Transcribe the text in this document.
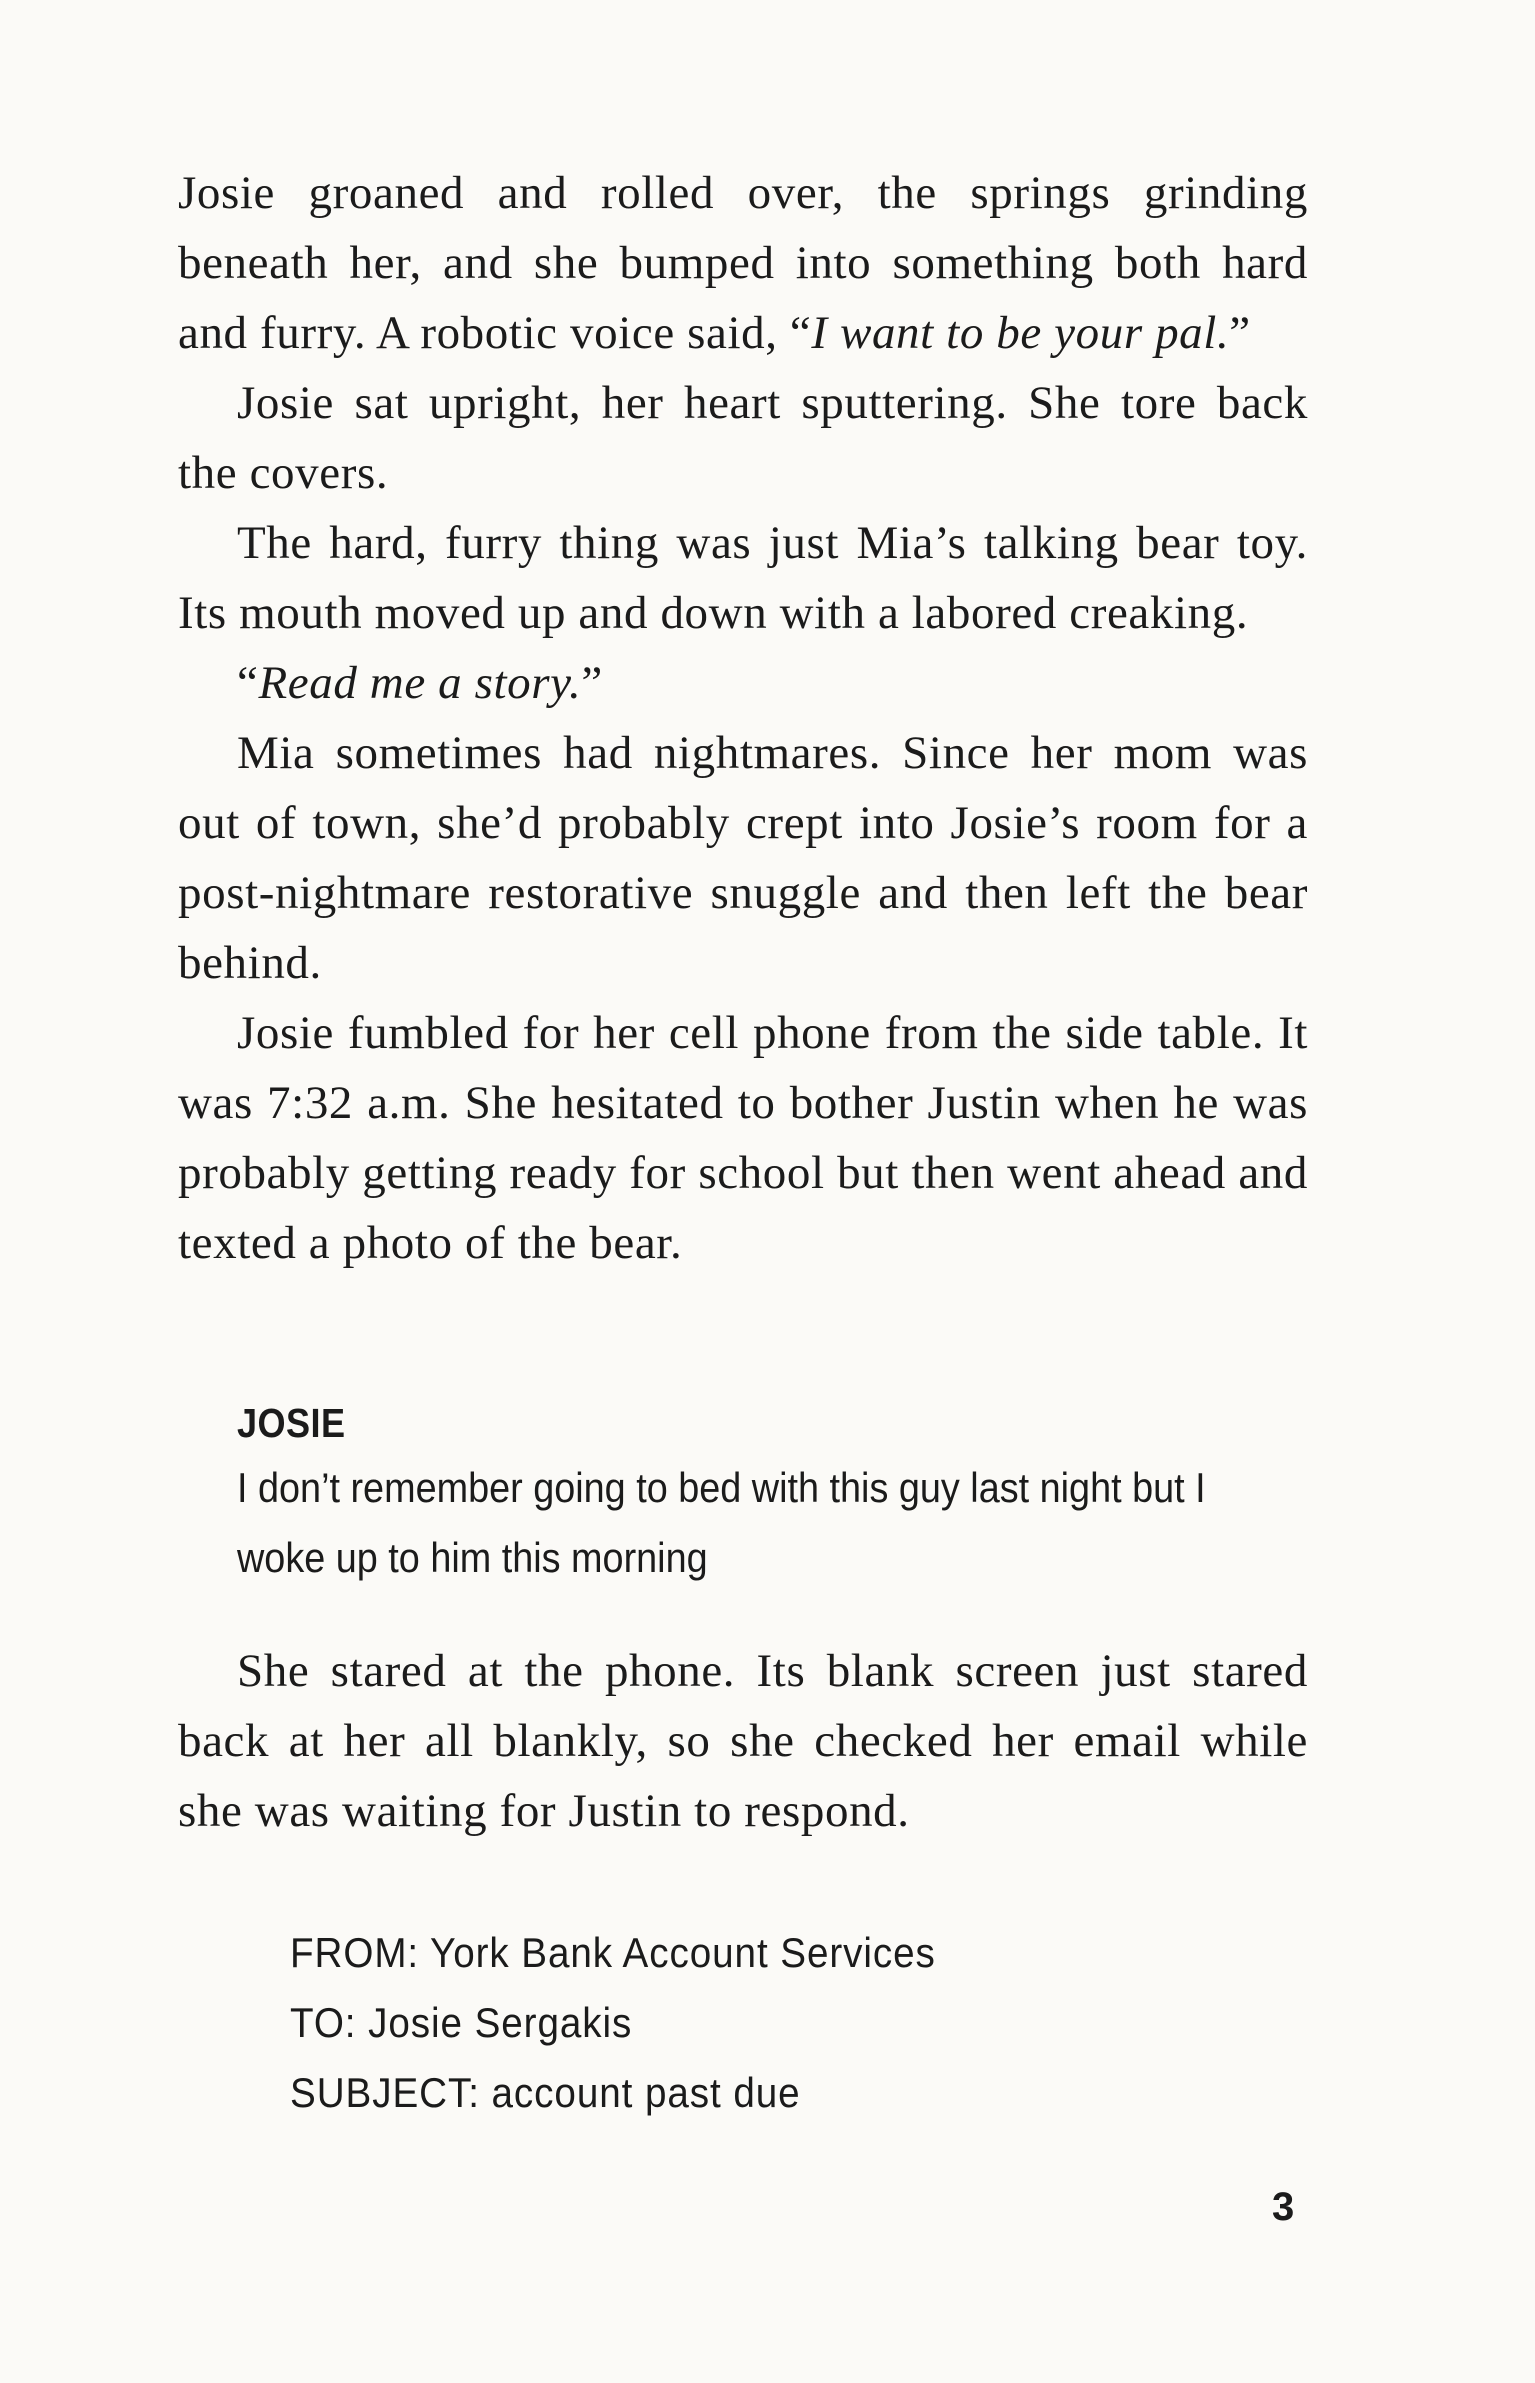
Josie groaned and rolled over, the springs grinding beneath her, and she bumped into something both hard and furry. A robotic voice said, “I want to be your pal.”

Josie sat upright, her heart sputtering. She tore back the covers.

The hard, furry thing was just Mia’s talking bear toy. Its mouth moved up and down with a labored creaking.

“Read me a story.”

Mia sometimes had nightmares. Since her mom was out of town, she’d probably crept into Josie’s room for a post-nightmare restorative snuggle and then left the bear behind.

Josie fumbled for her cell phone from the side table. It was 7:32 a.m. She hesitated to bother Justin when he was probably getting ready for school but then went ahead and texted a photo of the bear.

JOSIE
I don’t remember going to bed with this guy last night but I woke up to him this morning

She stared at the phone. Its blank screen just stared back at her all blankly, so she checked her email while she was waiting for Justin to respond.

FROM: York Bank Account Services
TO: Josie Sergakis
SUBJECT: account past due
3
